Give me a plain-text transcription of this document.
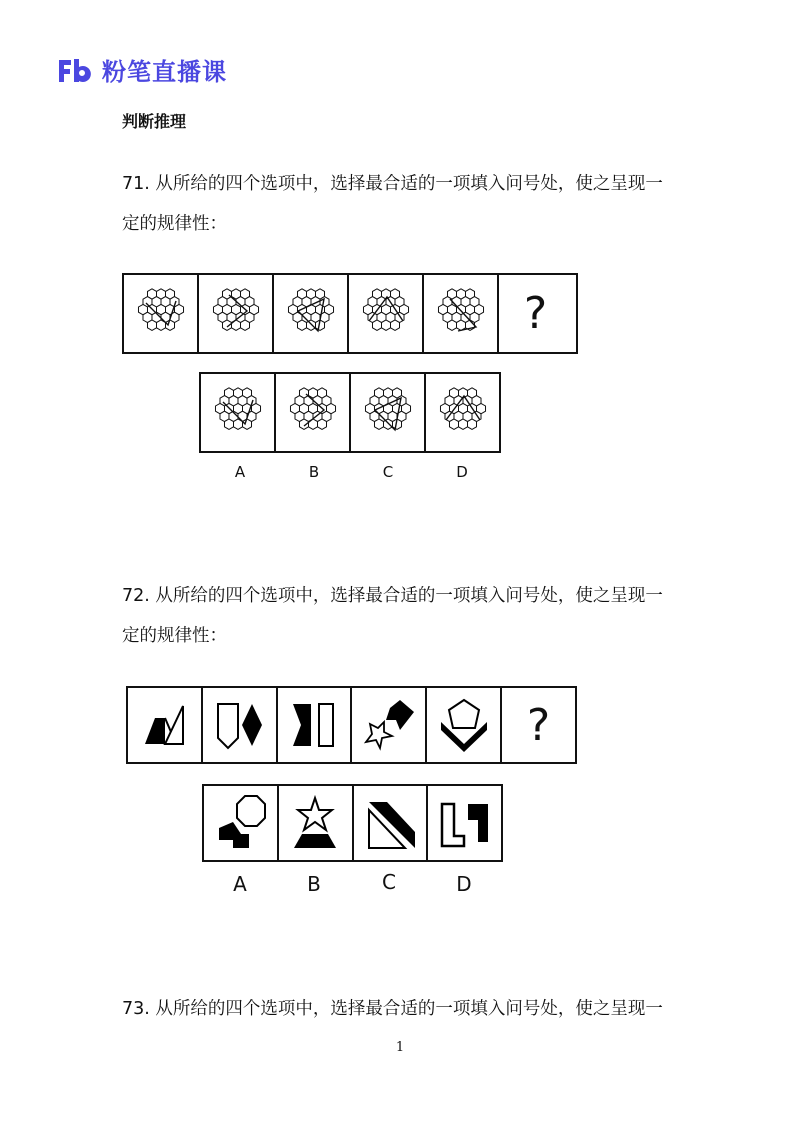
粉笔直播课
判断推理
71. 从所给的四个选项中，选择最合适的一项填入问号处，使之呈现一
定的规律性：
?
A	B	C	D
72. 从所给的四个选项中，选择最合适的一项填入问号处，使之呈现一
定的规律性：
?
A	B	C	D
73. 从所给的四个选项中，选择最合适的一项填入问号处，使之呈现一
1
